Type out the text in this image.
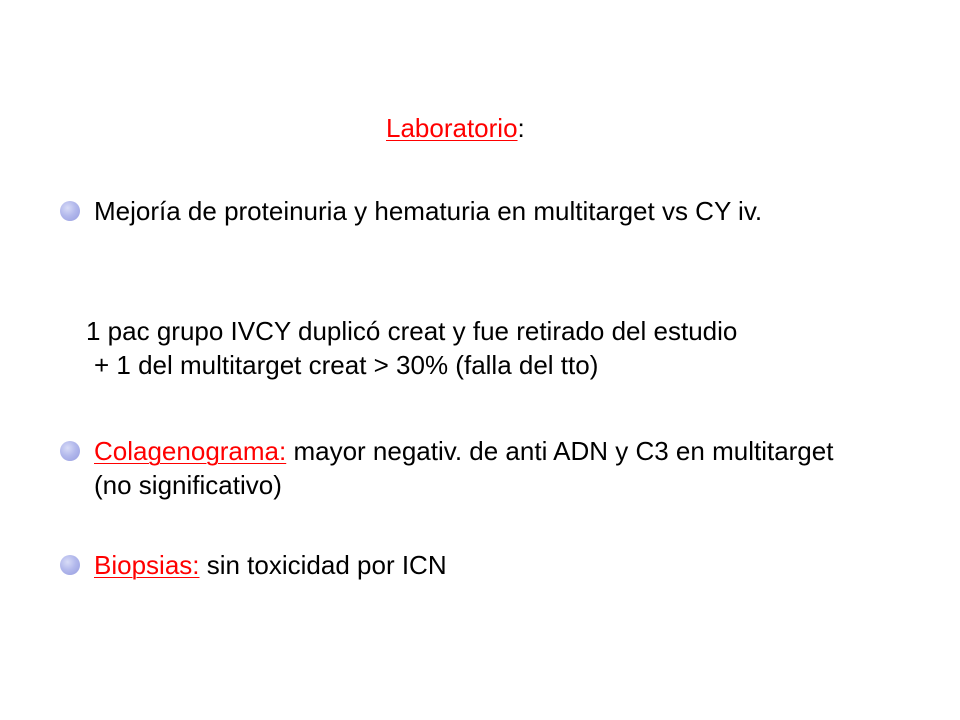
Laboratorio:
Mejoría de proteinuria y hematuria en multitarget vs CY iv.
1 pac grupo IVCY duplicó creat y fue retirado del estudio
+ 1 del multitarget creat > 30% (falla del tto)
Colagenograma: mayor negativ. de anti ADN y C3 en multitarget (no significativo)
Biopsias: sin toxicidad por ICN
